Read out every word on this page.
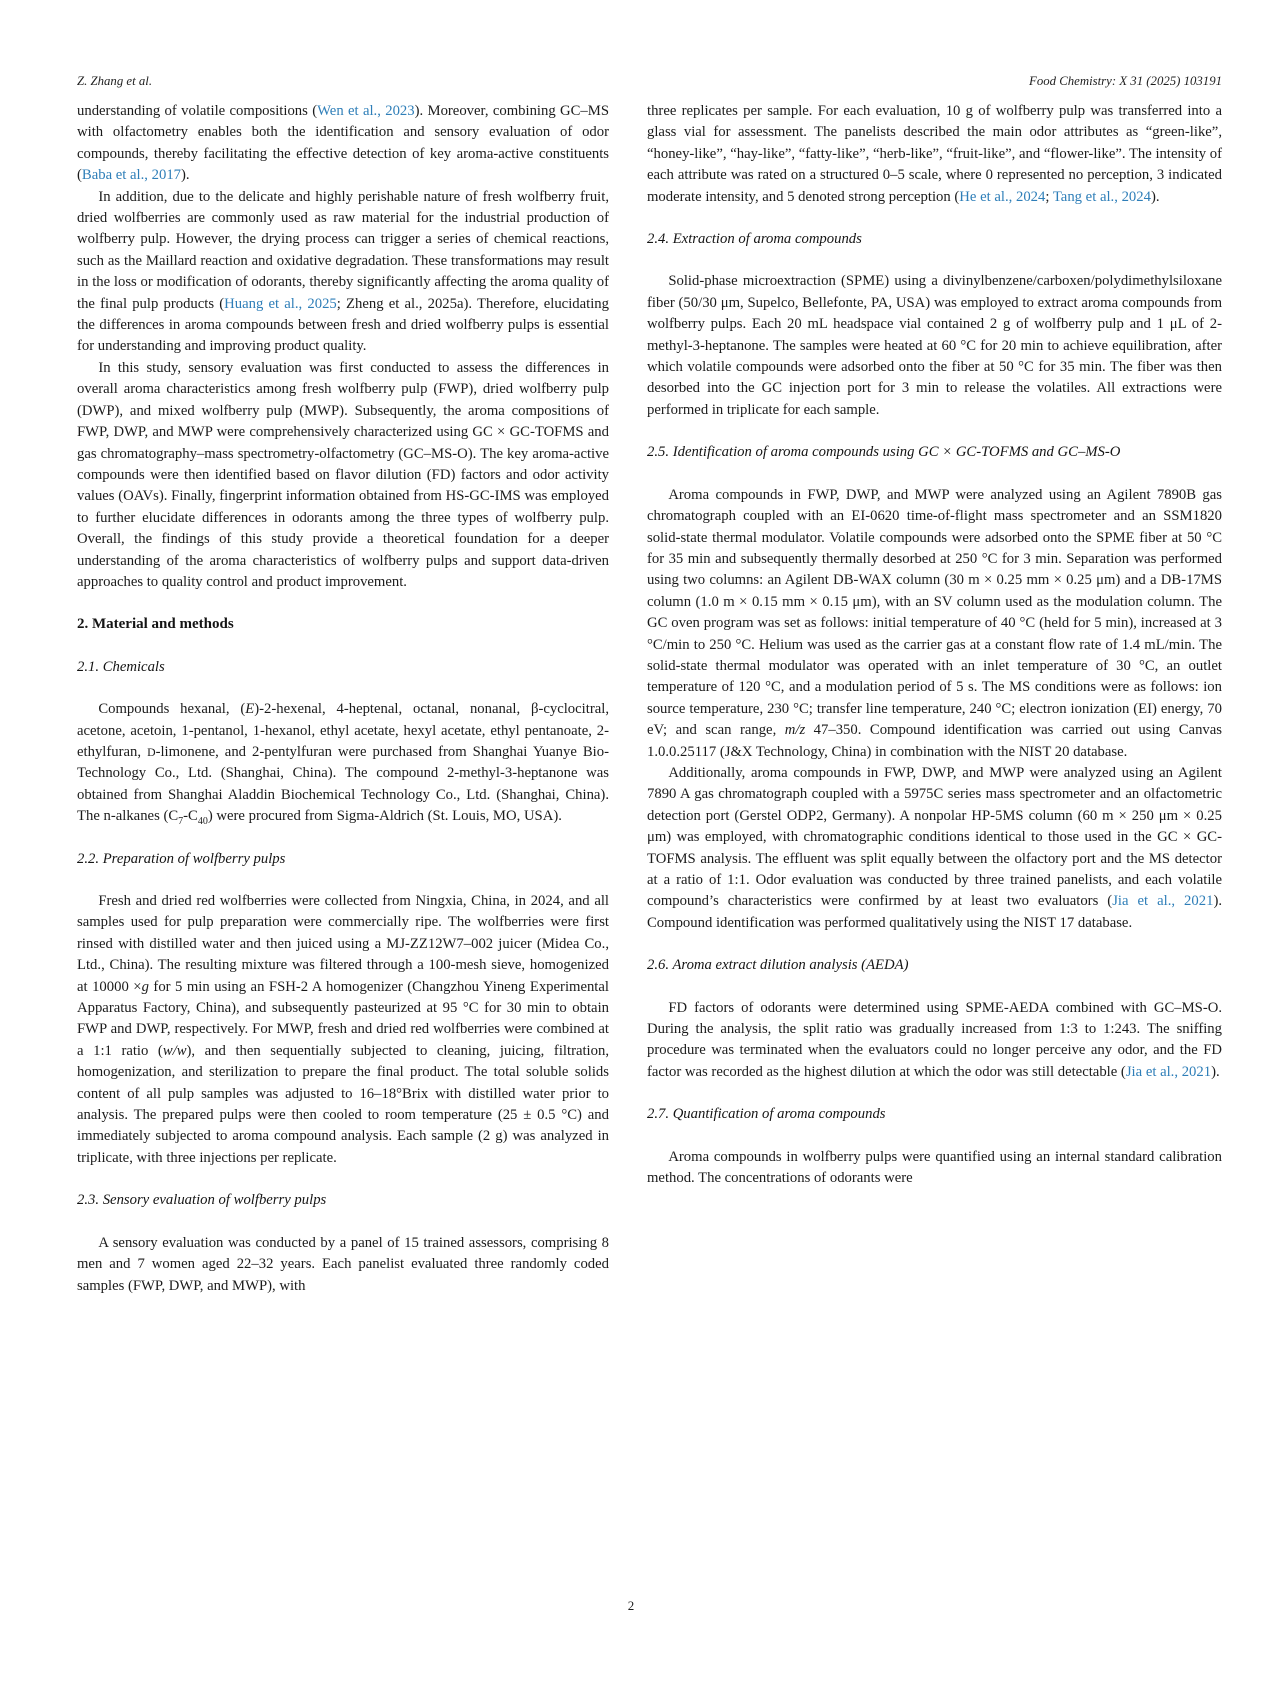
Z. Zhang et al.	Food Chemistry: X 31 (2025) 103191

understanding of volatile compositions (Wen et al., 2023). Moreover, combining GC–MS with olfactometry enables both the identification and sensory evaluation of odor compounds, thereby facilitating the effective detection of key aroma-active constituents (Baba et al., 2017).

In addition, due to the delicate and highly perishable nature of fresh wolfberry fruit, dried wolfberries are commonly used as raw material for the industrial production of wolfberry pulp. However, the drying process can trigger a series of chemical reactions, such as the Maillard reaction and oxidative degradation. These transformations may result in the loss or modification of odorants, thereby significantly affecting the aroma quality of the final pulp products (Huang et al., 2025; Zheng et al., 2025a). Therefore, elucidating the differences in aroma compounds between fresh and dried wolfberry pulps is essential for understanding and improving product quality.

In this study, sensory evaluation was first conducted to assess the differences in overall aroma characteristics among fresh wolfberry pulp (FWP), dried wolfberry pulp (DWP), and mixed wolfberry pulp (MWP). Subsequently, the aroma compositions of FWP, DWP, and MWP were comprehensively characterized using GC × GC-TOFMS and gas chromatography–mass spectrometry-olfactometry (GC–MS-O). The key aroma-active compounds were then identified based on flavor dilution (FD) factors and odor activity values (OAVs). Finally, fingerprint information obtained from HS-GC-IMS was employed to further elucidate differences in odorants among the three types of wolfberry pulp. Overall, the findings of this study provide a theoretical foundation for a deeper understanding of the aroma characteristics of wolfberry pulps and support data-driven approaches to quality control and product improvement.

2. Material and methods
2.1. Chemicals

Compounds hexanal, (E)-2-hexenal, 4-heptenal, octanal, nonanal, β-cyclocitral, acetone, acetoin, 1-pentanol, 1-hexanol, ethyl acetate, hexyl acetate, ethyl pentanoate, 2-ethylfuran, D-limonene, and 2-pentylfuran were purchased from Shanghai Yuanye Bio-Technology Co., Ltd. (Shanghai, China). The compound 2-methyl-3-heptanone was obtained from Shanghai Aladdin Biochemical Technology Co., Ltd. (Shanghai, China). The n-alkanes $(C_7-C_{40})$ were procured from Sigma-Aldrich (St. Louis, MO, USA).

2.2. Preparation of wolfberry pulps

Fresh and dried red wolfberries were collected from Ningxia, China, in 2024, and all samples used for pulp preparation were commercially ripe. The wolfberries were first rinsed with distilled water and then juiced using a MJ-ZZ12W7–002 juicer (Midea Co., Ltd., China). The resulting mixture was filtered through a 100-mesh sieve, homogenized at 10000 ×g for 5 min using an FSH-2 A homogenizer (Changzhou Yineng Experimental Apparatus Factory, China), and subsequently pasteurized at 95 °C for 30 min to obtain FWP and DWP, respectively. For MWP, fresh and dried red wolfberries were combined at a 1:1 ratio (w/w), and then sequentially subjected to cleaning, juicing, filtration, homogenization, and sterilization to prepare the final product. The total soluble solids content of all pulp samples was adjusted to 16–18°Brix with distilled water prior to analysis. The prepared pulps were then cooled to room temperature (25 ± 0.5 °C) and immediately subjected to aroma compound analysis. Each sample (2 g) was analyzed in triplicate, with three injections per replicate.

2.3. Sensory evaluation of wolfberry pulps

A sensory evaluation was conducted by a panel of 15 trained assessors, comprising 8 men and 7 women aged 22–32 years. Each panelist evaluated three randomly coded samples (FWP, DWP, and MWP), with

three replicates per sample. For each evaluation, 10 g of wolfberry pulp was transferred into a glass vial for assessment. The panelists described the main odor attributes as “green-like”, “honey-like”, “hay-like”, “fatty-like”, “herb-like”, “fruit-like”, and “flower-like”. The intensity of each attribute was rated on a structured 0–5 scale, where 0 represented no perception, 3 indicated moderate intensity, and 5 denoted strong perception (He et al., 2024; Tang et al., 2024).

2.4. Extraction of aroma compounds

Solid-phase microextraction (SPME) using a divinylbenzene/carboxen/polydimethylsiloxane fiber (50/30 μm, Supelco, Bellefonte, PA, USA) was employed to extract aroma compounds from wolfberry pulps. Each 20 mL headspace vial contained 2 g of wolfberry pulp and 1 μL of 2-methyl-3-heptanone. The samples were heated at 60 °C for 20 min to achieve equilibration, after which volatile compounds were adsorbed onto the fiber at 50 °C for 35 min. The fiber was then desorbed into the GC injection port for 3 min to release the volatiles. All extractions were performed in triplicate for each sample.

2.5. Identification of aroma compounds using GC × GC-TOFMS and GC–MS-O

Aroma compounds in FWP, DWP, and MWP were analyzed using an Agilent 7890B gas chromatograph coupled with an EI-0620 time-of-flight mass spectrometer and an SSM1820 solid-state thermal modulator. Volatile compounds were adsorbed onto the SPME fiber at 50 °C for 35 min and subsequently thermally desorbed at 250 °C for 3 min. Separation was performed using two columns: an Agilent DB-WAX column (30 m × 0.25 mm × 0.25 μm) and a DB-17MS column (1.0 m × 0.15 mm × 0.15 μm), with an SV column used as the modulation column. The GC oven program was set as follows: initial temperature of 40 °C (held for 5 min), increased at 3 °C/min to 250 °C. Helium was used as the carrier gas at a constant flow rate of 1.4 mL/min. The solid-state thermal modulator was operated with an inlet temperature of 30 °C, an outlet temperature of 120 °C, and a modulation period of 5 s. The MS conditions were as follows: ion source temperature, 230 °C; transfer line temperature, 240 °C; electron ionization (EI) energy, 70 eV; and scan range, m/z 47–350. Compound identification was carried out using Canvas 1.0.0.25117 (J&X Technology, China) in combination with the NIST 20 database.

Additionally, aroma compounds in FWP, DWP, and MWP were analyzed using an Agilent 7890 A gas chromatograph coupled with a 5975C series mass spectrometer and an olfactometric detection port (Gerstel ODP2, Germany). A nonpolar HP-5MS column (60 m × 250 μm × 0.25 μm) was employed, with chromatographic conditions identical to those used in the GC × GC-TOFMS analysis. The effluent was split equally between the olfactory port and the MS detector at a ratio of 1:1. Odor evaluation was conducted by three trained panelists, and each volatile compound’s characteristics were confirmed by at least two evaluators (Jia et al., 2021). Compound identification was performed qualitatively using the NIST 17 database.

2.6. Aroma extract dilution analysis (AEDA)

FD factors of odorants were determined using SPME-AEDA combined with GC–MS-O. During the analysis, the split ratio was gradually increased from 1:3 to 1:243. The sniffing procedure was terminated when the evaluators could no longer perceive any odor, and the FD factor was recorded as the highest dilution at which the odor was still detectable (Jia et al., 2021).

2.7. Quantification of aroma compounds

Aroma compounds in wolfberry pulps were quantified using an internal standard calibration method. The concentrations of odorants were

2
